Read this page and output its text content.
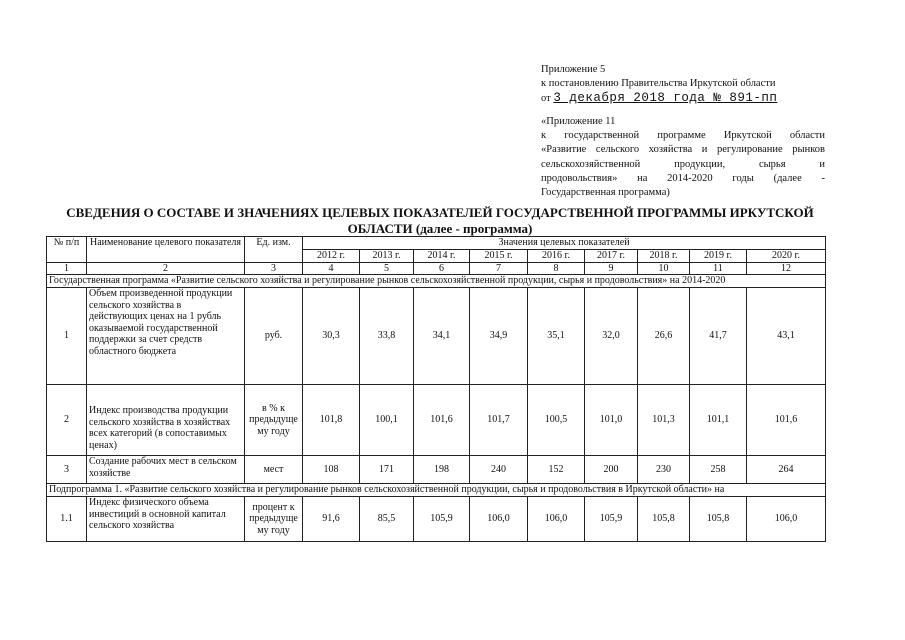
Приложение 5
к постановлению Правительства Иркутской области
от 3 декабря 2018 года № 891-пп
«Приложение 11
к государственной программе Иркутской области
«Развитие сельского хозяйства и регулирование рынков
сельскохозяйственной продукции, сырья и
продовольствия» на 2014-2020 годы (далее -
Государственная программа)
СВЕДЕНИЯ О СОСТАВЕ И ЗНАЧЕНИЯХ ЦЕЛЕВЫХ ПОКАЗАТЕЛЕЙ ГОСУДАРСТВЕННОЙ ПРОГРАММЫ ИРКУТСКОЙ
ОБЛАСТИ (далее - программа)
№ п/п	Наименование целевого показателя	Ед. изм.	Значения целевых показателей								
			2012 г.	2013 г.	2014 г.	2015 г.	2016 г.	2017 г.	2018 г.	2019 г.	2020 г.
1	2	3	4	5	6	7	8	9	10	11	12
Государственная программа «Развитие сельского хозяйства и регулирование рынков сельскохозяйственной продукции, сырья и продовольствия» на 2014-2020											
1	Объем произведенной продукции сельского хозяйства в действующих ценах на 1 рубль оказываемой государственной поддержки за счет средств областного бюджета	руб.	30,3	33,8	34,1	34,9	35,1	32,0	26,6	41,7	43,1
2	Индекс производства продукции сельского хозяйства в хозяйствах всех категорий (в сопоставимых ценах)	в % к предыдуще му году	101,8	100,1	101,6	101,7	100,5	101,0	101,3	101,1	101,6
3	Создание рабочих мест в сельском хозяйстве	мест	108	171	198	240	152	200	230	258	264
Подпрограмма 1. «Развитие сельского хозяйства и регулирование рынков сельскохозяйственной продукции, сырья и продовольствия в Иркутской области» на											
1.1	Индекс физического объема инвестиций в основной капитал сельского хозяйства	процент к предыдуще му году	91,6	85,5	105,9	106,0	106,0	105,9	105,8	105,8	106,0
